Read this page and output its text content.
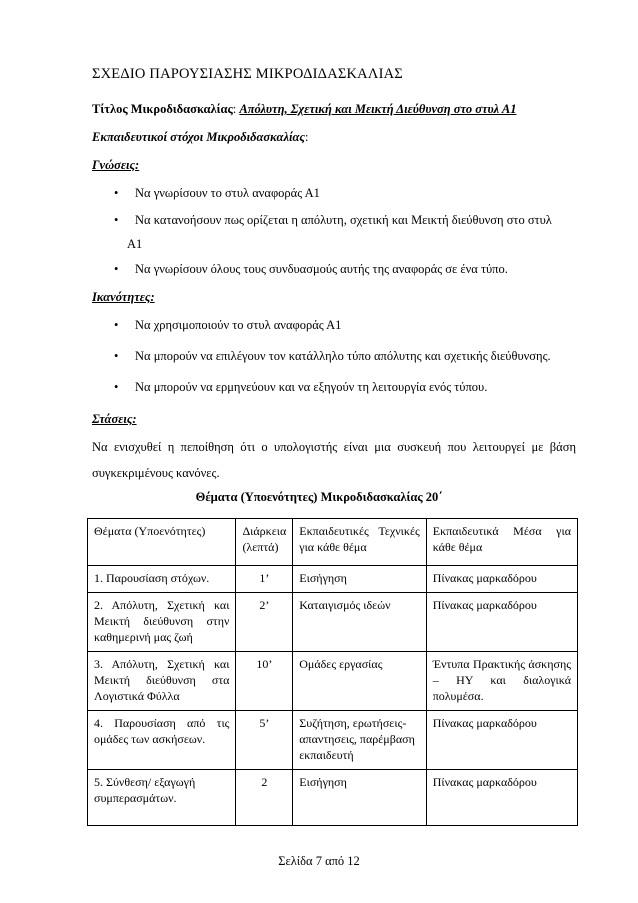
ΣΧΕΔΙΟ ΠΑΡΟΥΣΙΑΣΗΣ ΜΙΚΡΟΔΙΔΑΣΚΑΛΙΑΣ
Τίτλος Μικροδιδασκαλίας: Απόλυτη, Σχετική και Μεικτή Διεύθυνση στο στυλ Α1
Εκπαιδευτικοί στόχοι Μικροδιδασκαλίας:
Γνώσεις:
• Να γνωρίσουν το στυλ αναφοράς Α1
• Να κατανοήσουν πως ορίζεται η απόλυτη, σχετική και Μεικτή διεύθυνση στο στυλ
Α1
• Να γνωρίσουν όλους τους συνδυασμούς αυτής της αναφοράς σε ένα τύπο.
Ικανότητες:
• Να χρησιμοποιούν το στυλ αναφοράς Α1
• Να μπορούν να επιλέγουν τον κατάλληλο τύπο απόλυτης και σχετικής διεύθυνσης.
• Να μπορούν να ερμηνεύουν και να εξηγούν τη λειτουργία ενός τύπου.
Στάσεις:
Να ενισχυθεί η πεποίθηση ότι ο υπολογιστής είναι μια συσκευή που λειτουργεί με βάση
συγκεκριμένους κανόνες.
Θέματα (Υποενότητες) Μικροδιδασκαλίας 20΄
Θέματα (Υποενότητες)	Διάρκεια (λεπτά)	Εκπαιδευτικές Τεχνικές για κάθε θέμα	Εκπαιδευτικά Μέσα για κάθε θέμα
1. Παρουσίαση στόχων.	1’	Εισήγηση	Πίνακας μαρκαδόρου
2. Απόλυτη, Σχετική και Μεικτή διεύθυνση στην καθημερινή μας ζωή	2’	Καταιγισμός ιδεών	Πίνακας μαρκαδόρου
3. Απόλυτη, Σχετική και Μεικτή διεύθυνση στα Λογιστικά Φύλλα	10’	Ομάδες εργασίας	Έντυπα Πρακτικής άσκησης – ΗΥ και διαλογικά πολυμέσα.
4. Παρουσίαση από τις ομάδες των ασκήσεων.	5’	Συζήτηση, ερωτήσεις-απαντησεις, παρέμβαση εκπαιδευτή	Πίνακας μαρκαδόρου
5. Σύνθεση/ εξαγωγή συμπερασμάτων.	2	Εισήγηση	Πίνακας μαρκαδόρου
Σελίδα 7 από 12
